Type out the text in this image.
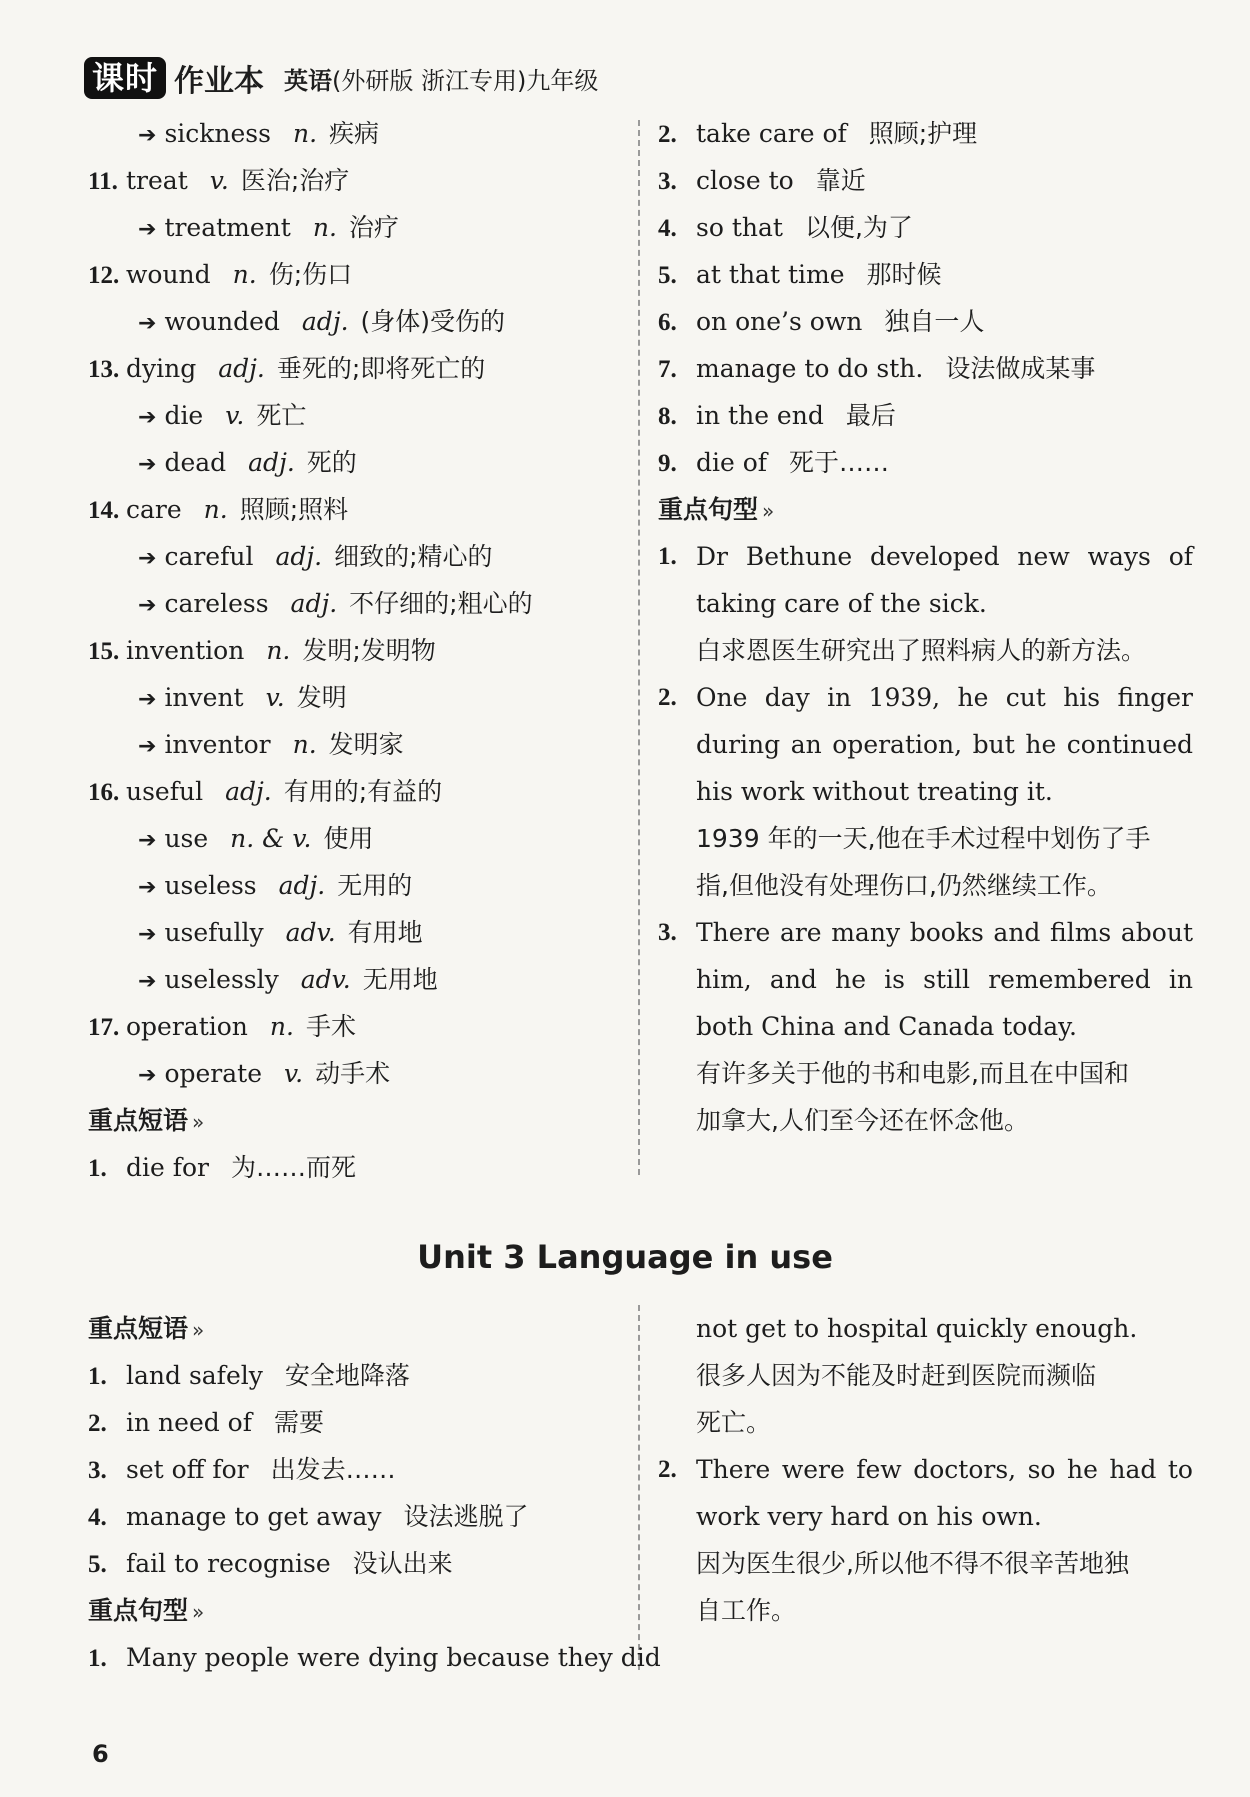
课时 作业本 英语(外研版 浙江专用)九年级
➔ sickness n. 疾病
11. treat v. 医治;治疗
➔ treatment n. 治疗
12. wound n. 伤;伤口
➔ wounded adj. (身体)受伤的
13. dying adj. 垂死的;即将死亡的
➔ die v. 死亡
➔ dead adj. 死的
14. care n. 照顾;照料
➔ careful adj. 细致的;精心的
➔ careless adj. 不仔细的;粗心的
15. invention n. 发明;发明物
➔ invent v. 发明
➔ inventor n. 发明家
16. useful adj. 有用的;有益的
➔ use n. & v. 使用
➔ useless adj. 无用的
➔ usefully adv. 有用地
➔ uselessly adv. 无用地
17. operation n. 手术
➔ operate v. 动手术
重点短语 »
1. die for 为……而死
2. take care of 照顾;护理
3. close to 靠近
4. so that 以便,为了
5. at that time 那时候
6. on one’s own 独自一人
7. manage to do sth. 设法做成某事
8. in the end 最后
9. die of 死于……
重点句型 »
1. Dr Bethune developed new ways of taking care of the sick.
白求恩医生研究出了照料病人的新方法。
2. One day in 1939, he cut his finger during an operation, but he continued his work without treating it.
1939 年的一天,他在手术过程中划伤了手
指,但他没有处理伤口,仍然继续工作。
3. There are many books and films about him, and he is still remembered in both China and Canada today.
有许多关于他的书和电影,而且在中国和
加拿大,人们至今还在怀念他。
Unit 3 Language in use
重点短语 »
1. land safely 安全地降落
2. in need of 需要
3. set off for 出发去……
4. manage to get away 设法逃脱了
5. fail to recognise 没认出来
重点句型 »
1. Many people were dying because they did
not get to hospital quickly enough.
很多人因为不能及时赶到医院而濒临
死亡。
2. There were few doctors, so he had to work very hard on his own.
因为医生很少,所以他不得不很辛苦地独
自工作。
6
